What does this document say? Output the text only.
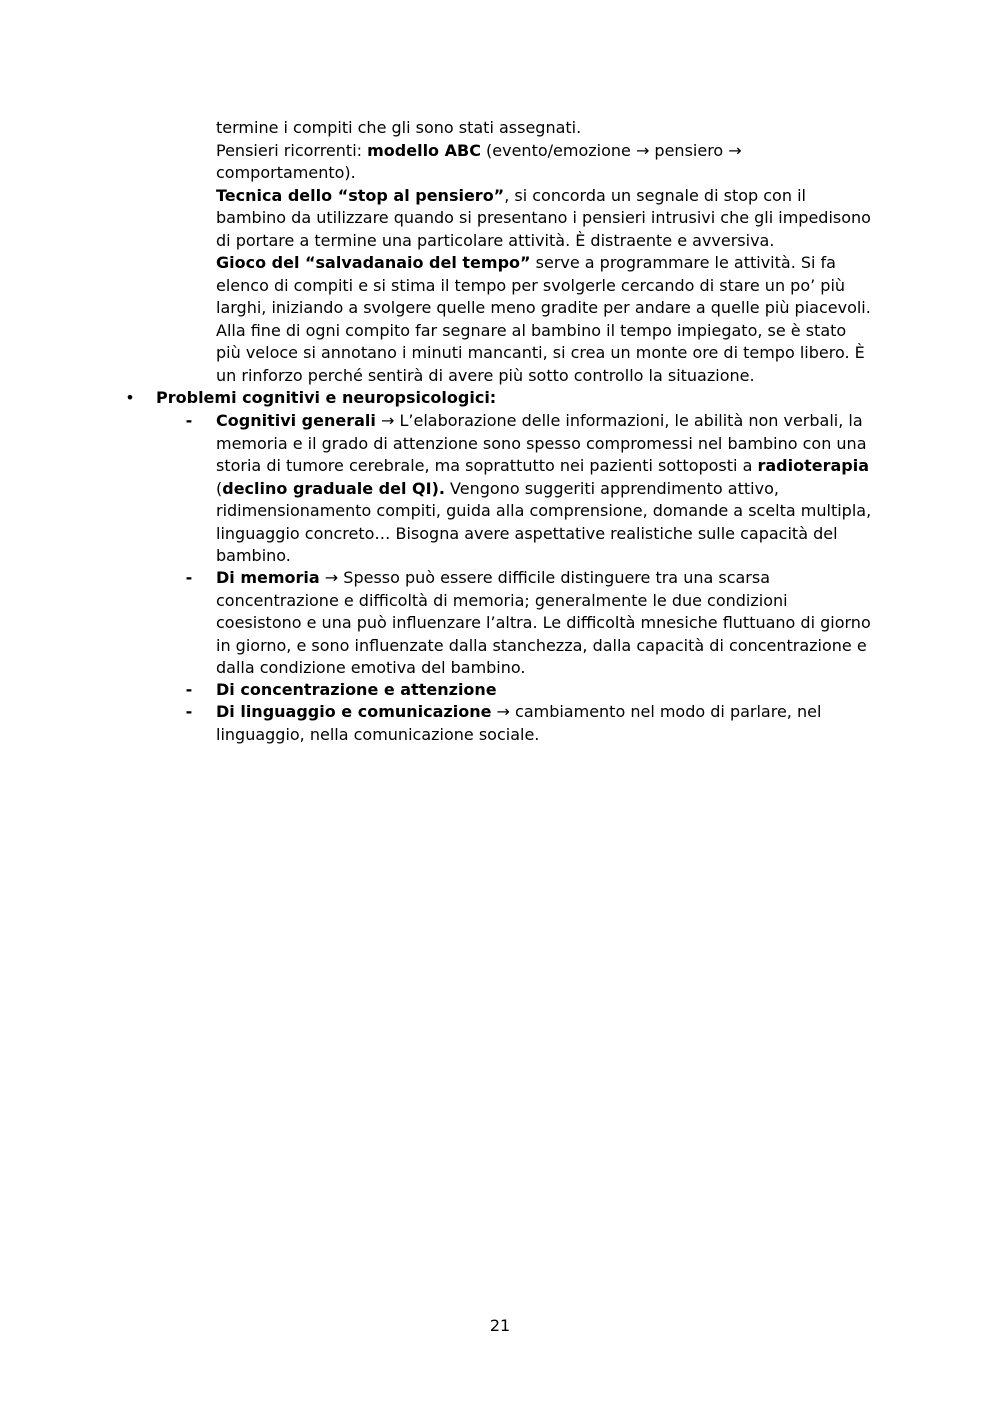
termine i compiti che gli sono stati assegnati.
Pensieri ricorrenti: modello ABC (evento/emozione → pensiero →
comportamento).
Tecnica dello “stop al pensiero”, si concorda un segnale di stop con il
bambino da utilizzare quando si presentano i pensieri intrusivi che gli impedisono
di portare a termine una particolare attività. È distraente e avversiva.
Gioco del “salvadanaio del tempo” serve a programmare le attività. Si fa
elenco di compiti e si stima il tempo per svolgerle cercando di stare un po’ più
larghi, iniziando a svolgere quelle meno gradite per andare a quelle più piacevoli.
Alla fine di ogni compito far segnare al bambino il tempo impiegato, se è stato
più veloce si annotano i minuti mancanti, si crea un monte ore di tempo libero. È
un rinforzo perché sentirà di avere più sotto controllo la situazione.
• Problemi cognitivi e neuropsicologici:
- Cognitivi generali → L’elaborazione delle informazioni, le abilità non verbali, la
memoria e il grado di attenzione sono spesso compromessi nel bambino con una
storia di tumore cerebrale, ma soprattutto nei pazienti sottoposti a radioterapia
(declino graduale del QI). Vengono suggeriti apprendimento attivo,
ridimensionamento compiti, guida alla comprensione, domande a scelta multipla,
linguaggio concreto… Bisogna avere aspettative realistiche sulle capacità del
bambino.
- Di memoria → Spesso può essere difficile distinguere tra una scarsa
concentrazione e difficoltà di memoria; generalmente le due condizioni
coesistono e una può influenzare l’altra. Le difficoltà mnesiche fluttuano di giorno
in giorno, e sono influenzate dalla stanchezza, dalla capacità di concentrazione e
dalla condizione emotiva del bambino.
- Di concentrazione e attenzione
- Di linguaggio e comunicazione → cambiamento nel modo di parlare, nel
linguaggio, nella comunicazione sociale.
21
